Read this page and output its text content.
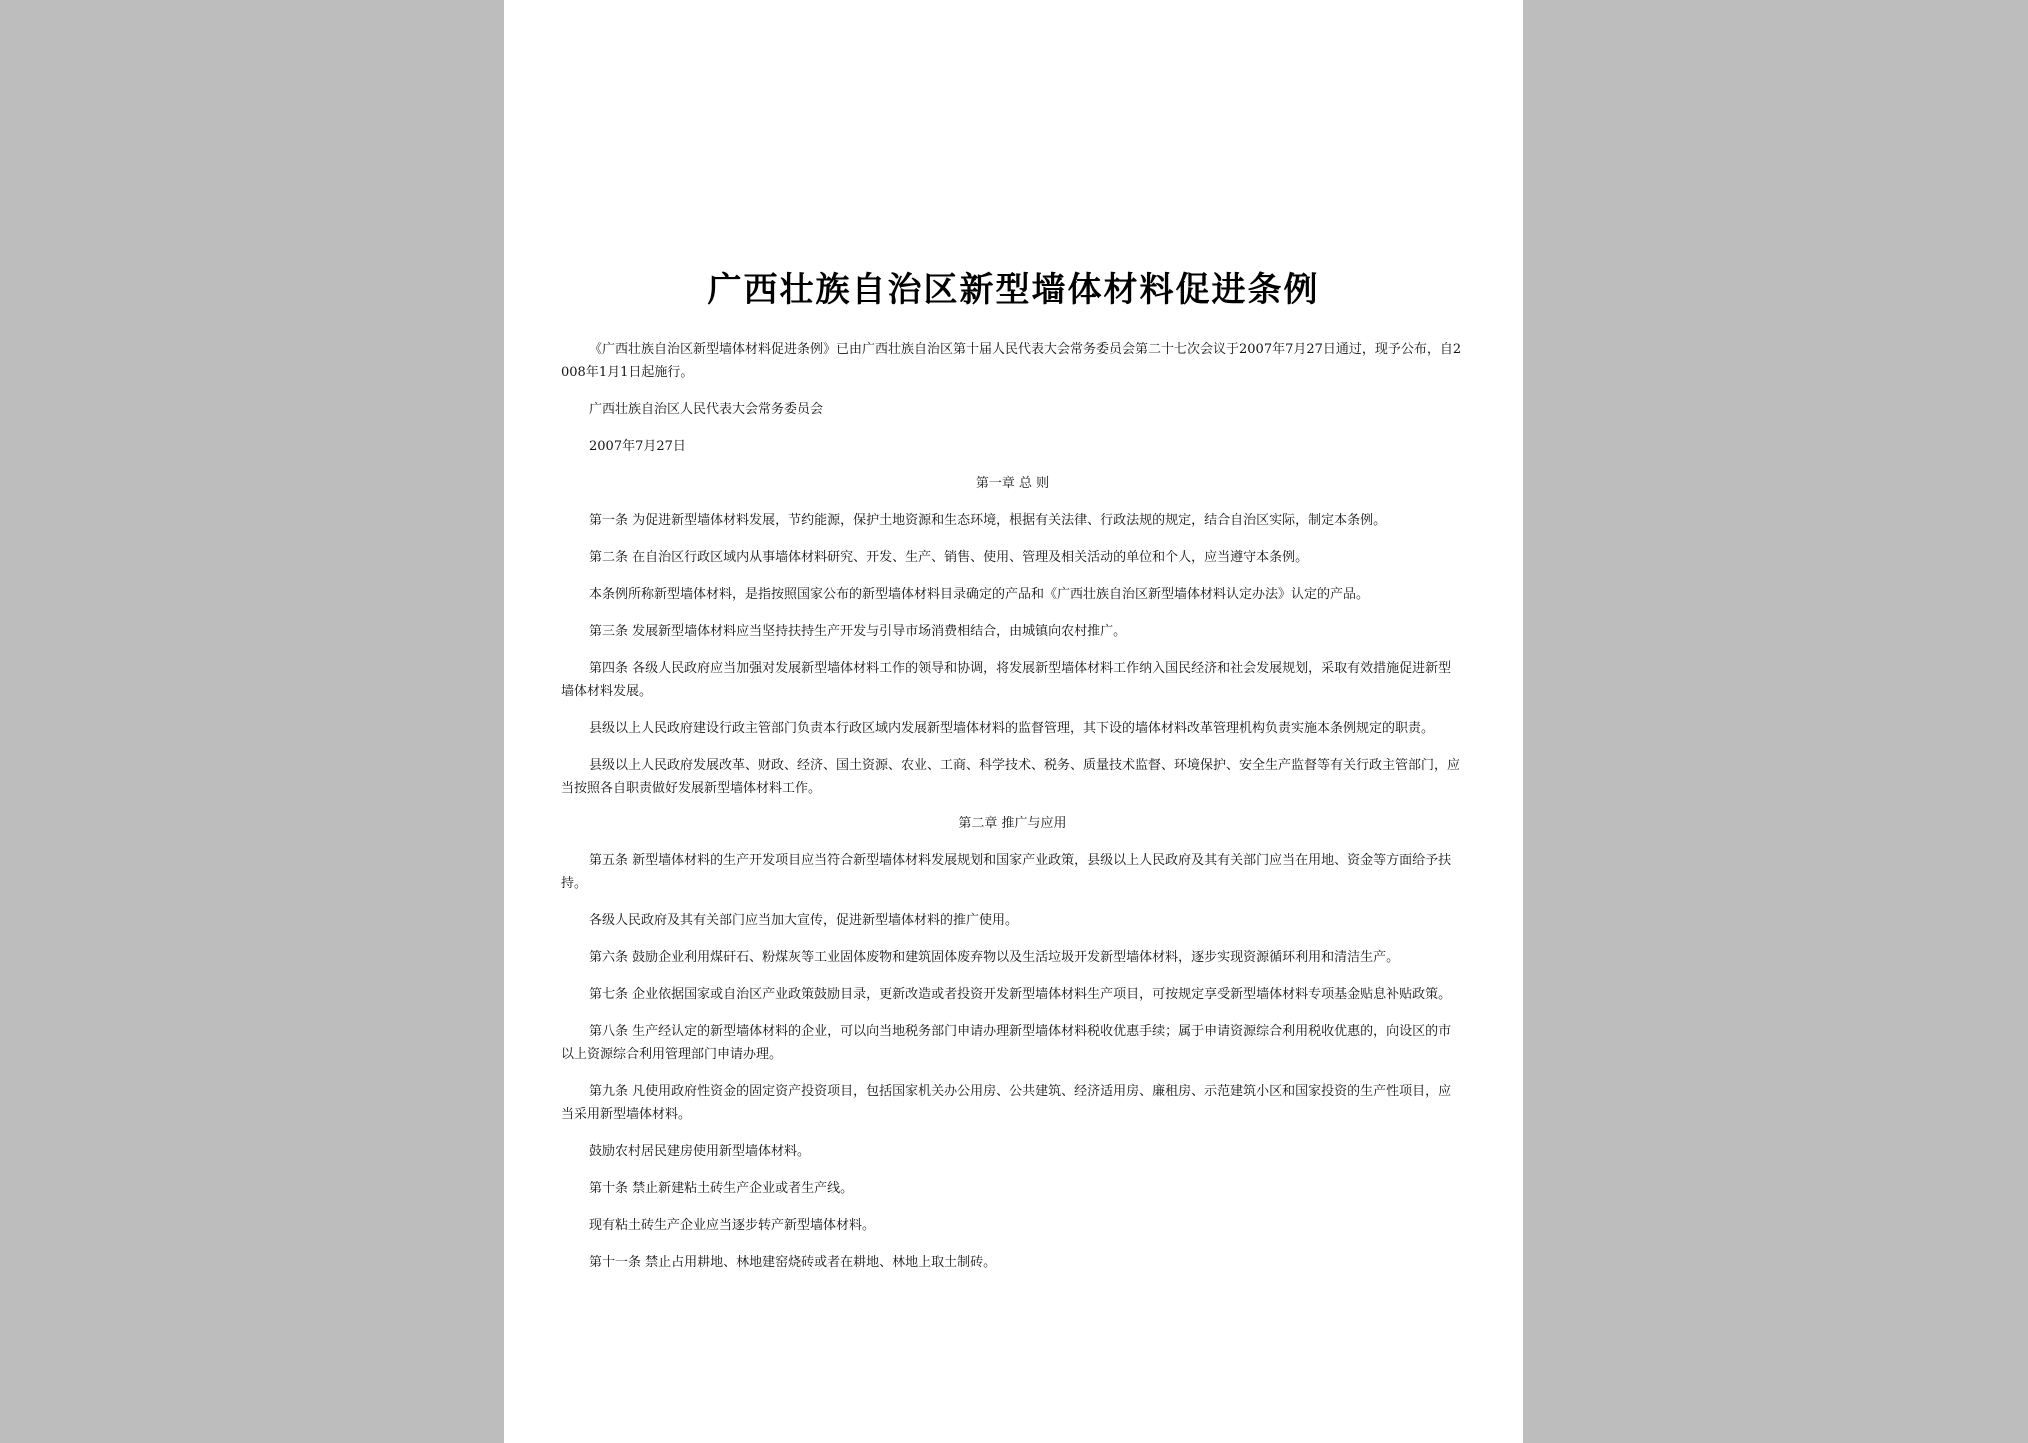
广西壮族自治区新型墙体材料促进条例

《广西壮族自治区新型墙体材料促进条例》已由广西壮族自治区第十届人民代表大会常务委员会第二十七次会议于2007年7月27日通过，现予公布，自2008年1月1日起施行。

广西壮族自治区人民代表大会常务委员会

2007年7月27日

第一章 总 则

第一条 为促进新型墙体材料发展，节约能源，保护土地资源和生态环境，根据有关法律、行政法规的规定，结合自治区实际，制定本条例。

第二条 在自治区行政区域内从事墙体材料研究、开发、生产、销售、使用、管理及相关活动的单位和个人，应当遵守本条例。

本条例所称新型墙体材料，是指按照国家公布的新型墙体材料目录确定的产品和《广西壮族自治区新型墙体材料认定办法》认定的产品。

第三条 发展新型墙体材料应当坚持扶持生产开发与引导市场消费相结合，由城镇向农村推广。

第四条 各级人民政府应当加强对发展新型墙体材料工作的领导和协调，将发展新型墙体材料工作纳入国民经济和社会发展规划，采取有效措施促进新型墙体材料发展。

县级以上人民政府建设行政主管部门负责本行政区域内发展新型墙体材料的监督管理，其下设的墙体材料改革管理机构负责实施本条例规定的职责。

县级以上人民政府发展改革、财政、经济、国土资源、农业、工商、科学技术、税务、质量技术监督、环境保护、安全生产监督等有关行政主管部门，应当按照各自职责做好发展新型墙体材料工作。

第二章 推广与应用

第五条 新型墙体材料的生产开发项目应当符合新型墙体材料发展规划和国家产业政策，县级以上人民政府及其有关部门应当在用地、资金等方面给予扶持。

各级人民政府及其有关部门应当加大宣传，促进新型墙体材料的推广使用。

第六条 鼓励企业利用煤矸石、粉煤灰等工业固体废物和建筑固体废弃物以及生活垃圾开发新型墙体材料，逐步实现资源循环利用和清洁生产。

第七条 企业依据国家或自治区产业政策鼓励目录，更新改造或者投资开发新型墙体材料生产项目，可按规定享受新型墙体材料专项基金贴息补贴政策。

第八条 生产经认定的新型墙体材料的企业，可以向当地税务部门申请办理新型墙体材料税收优惠手续；属于申请资源综合利用税收优惠的，向设区的市以上资源综合利用管理部门申请办理。

第九条 凡使用政府性资金的固定资产投资项目，包括国家机关办公用房、公共建筑、经济适用房、廉租房、示范建筑小区和国家投资的生产性项目，应当采用新型墙体材料。

鼓励农村居民建房使用新型墙体材料。

第十条 禁止新建粘土砖生产企业或者生产线。

现有粘土砖生产企业应当逐步转产新型墙体材料。

第十一条 禁止占用耕地、林地建窑烧砖或者在耕地、林地上取土制砖。
